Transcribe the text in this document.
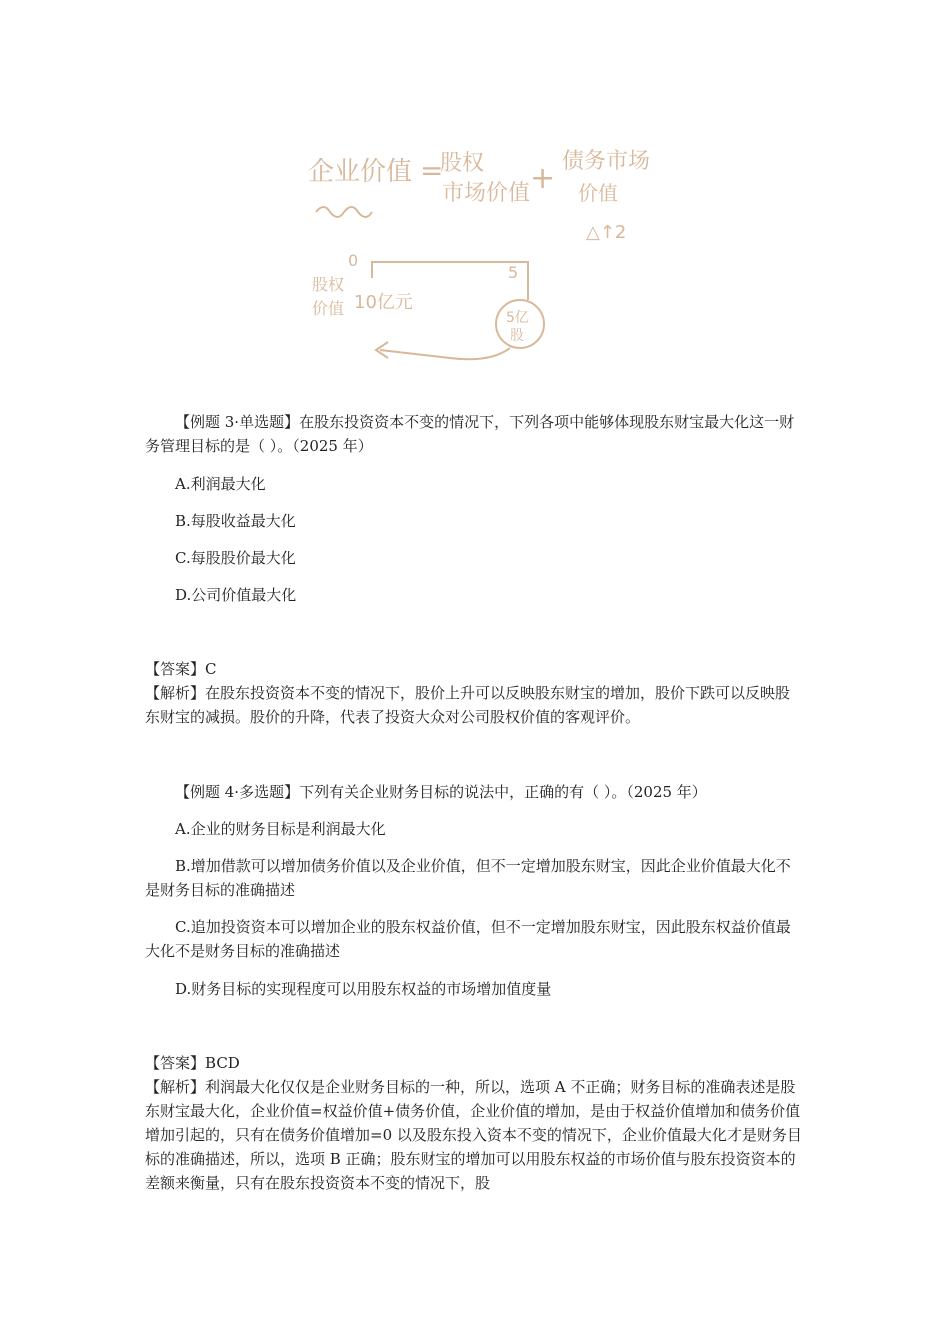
企业价值 =
股权
市场价值 + 债务市场
价值
△↑2
0
5
5亿
股
股权
价值 10亿元

【例题 3·单选题】在股东投资资本不变的情况下，下列各项中能够体现股东财宝最大化这一财务管理目标的是（ ）。（2025 年）

A.利润最大化

B.每股收益最大化

C.每股股价最大化

D.公司价值最大化

【答案】C

【解析】在股东投资资本不变的情况下，股价上升可以反映股东财宝的增加，股价下跌可以反映股东财宝的减损。股价的升降，代表了投资大众对公司股权价值的客观评价。

【例题 4·多选题】下列有关企业财务目标的说法中，正确的有（ ）。（2025 年）

A.企业的财务目标是利润最大化

B.增加借款可以增加债务价值以及企业价值，但不一定增加股东财宝，因此企业价值最大化不是财务目标的准确描述

C.追加投资资本可以增加企业的股东权益价值，但不一定增加股东财宝，因此股东权益价值最大化不是财务目标的准确描述

D.财务目标的实现程度可以用股东权益的市场增加值度量

【答案】BCD

【解析】利润最大化仅仅是企业财务目标的一种，所以，选项 A 不正确；财务目标的准确表述是股东财宝最大化，企业价值=权益价值+债务价值，企业价值的增加，是由于权益价值增加和债务价值增加引起的，只有在债务价值增加=0 以及股东投入资本不变的情况下，企业价值最大化才是财务目标的准确描述，所以，选项 B 正确；股东财宝的增加可以用股东权益的市场价值与股东投资资本的差额来衡量，只有在股东投资资本不变的情况下，股
